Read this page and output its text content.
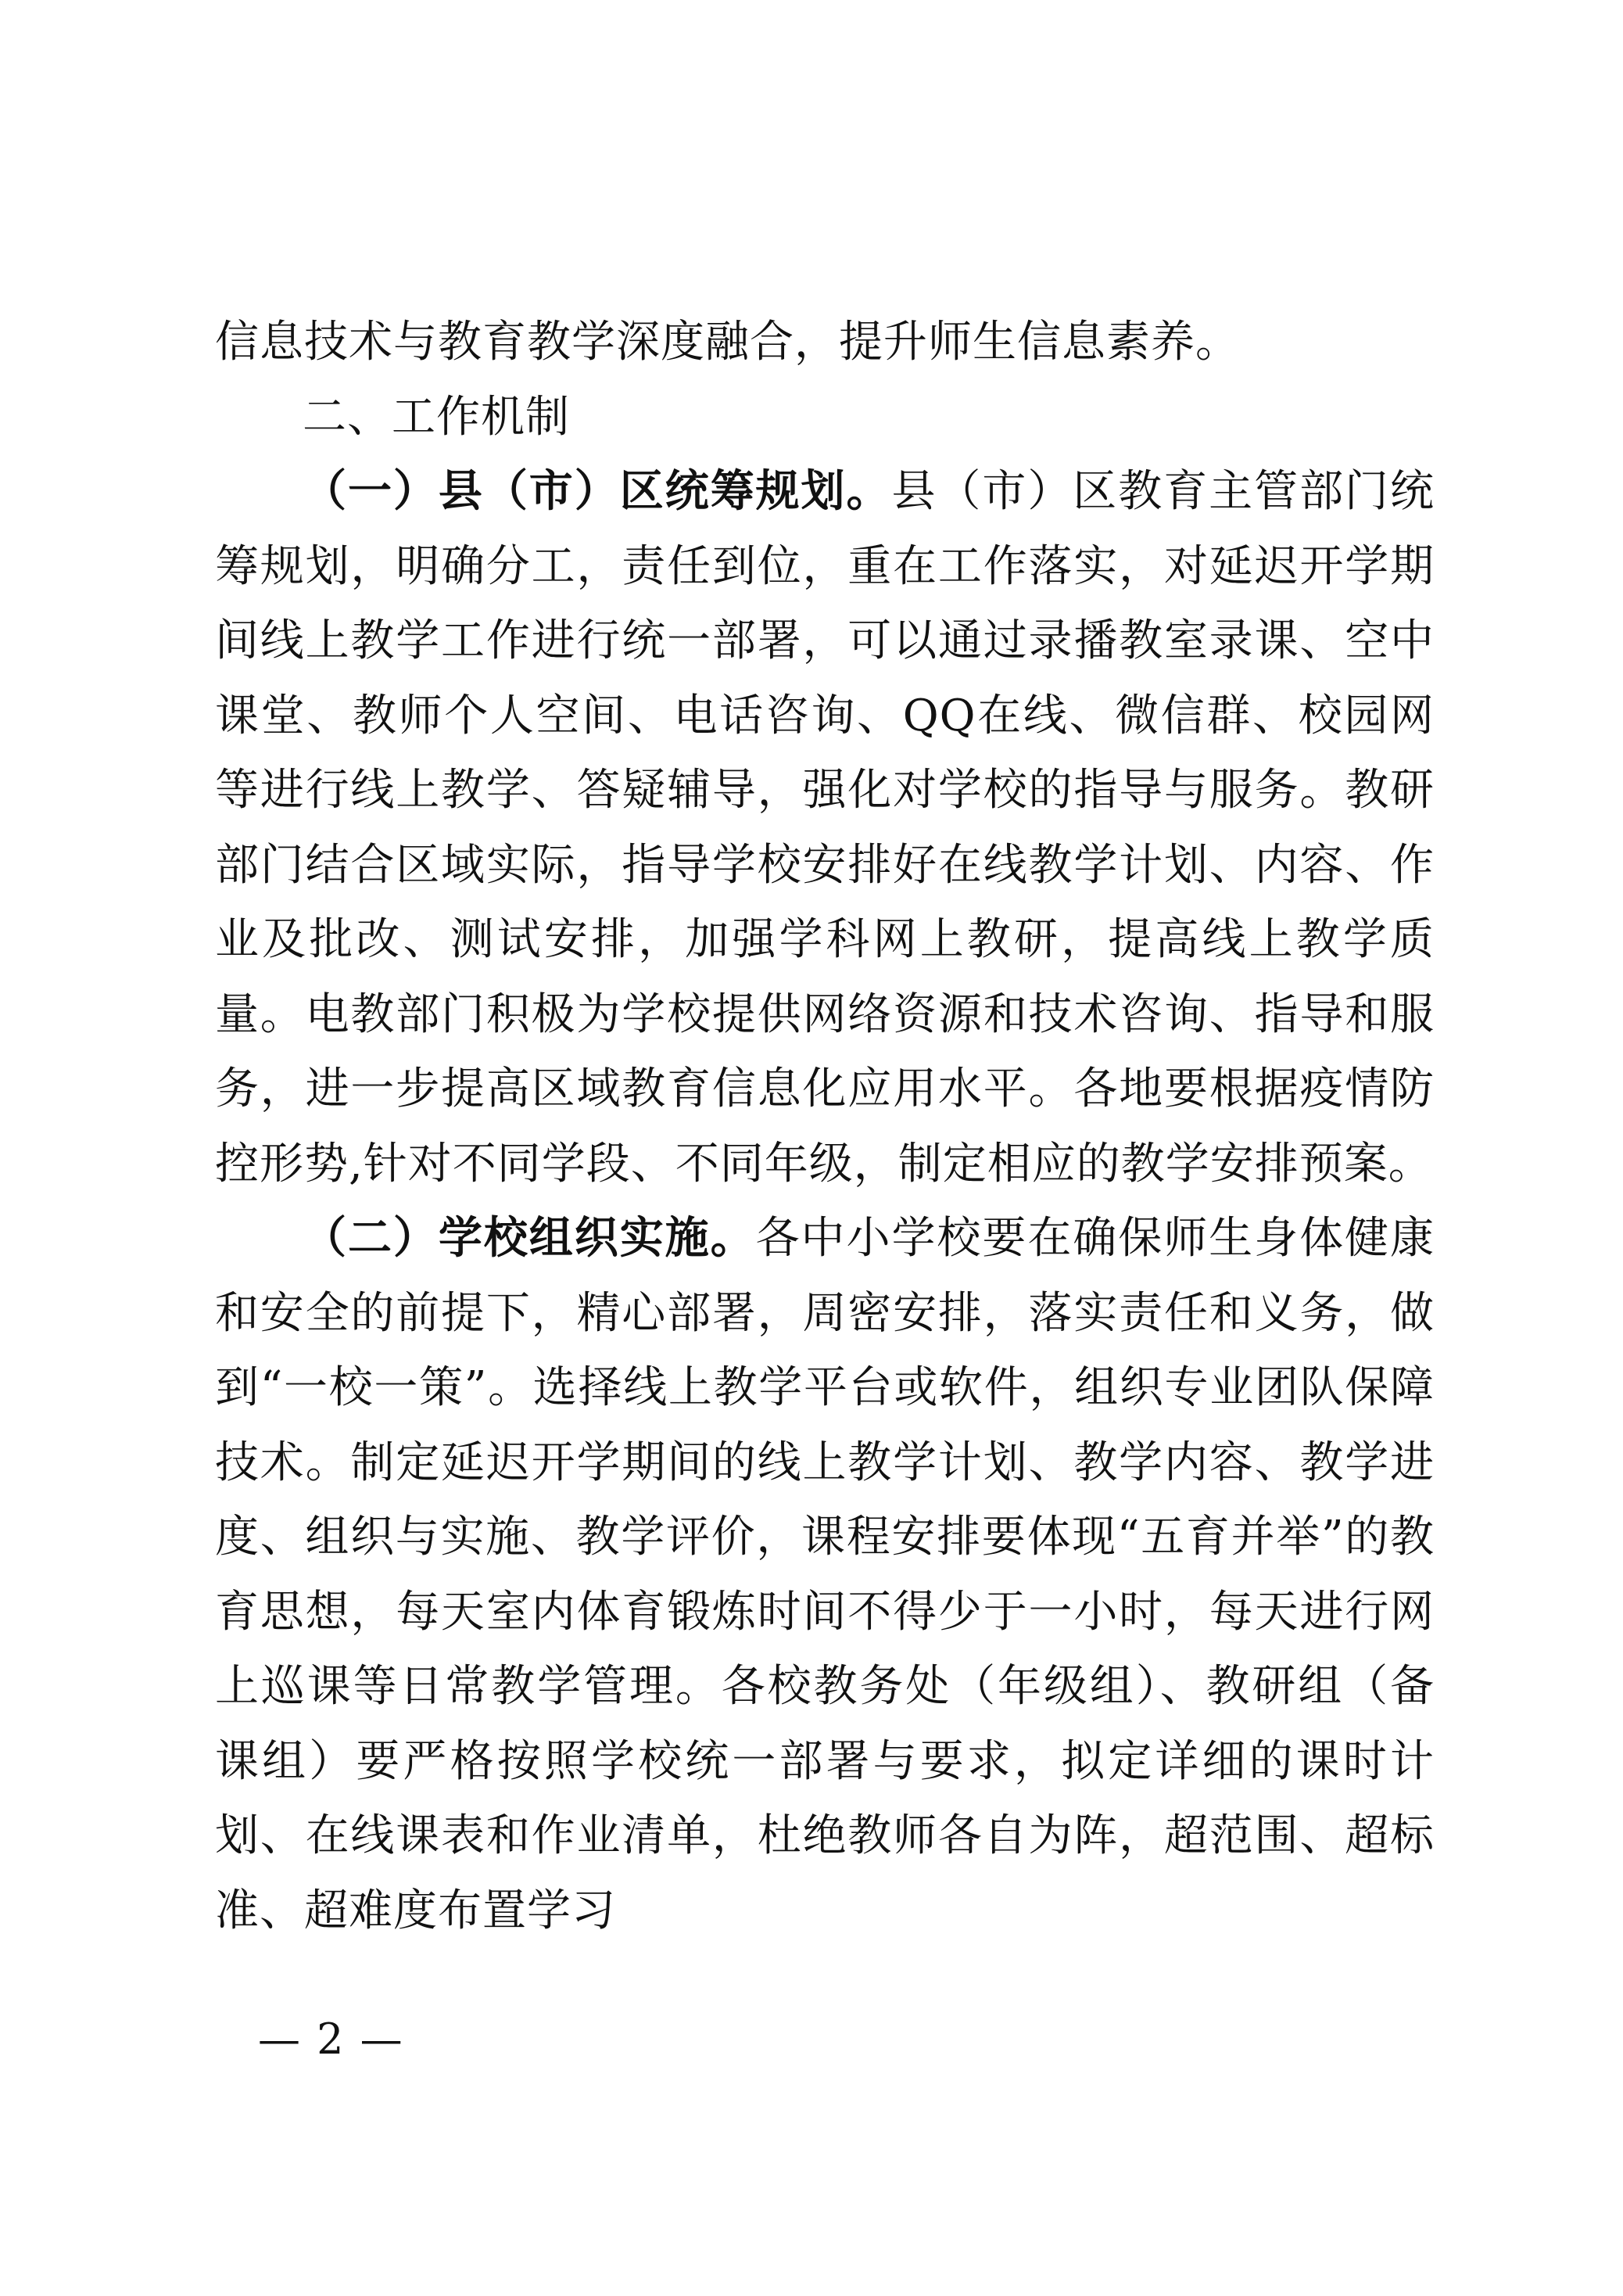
信息技术与教育教学深度融合，提升师生信息素养。

二、工作机制

（一）县（市）区统筹规划。县（市）区教育主管部门统筹规划，明确分工，责任到位，重在工作落实，对延迟开学期间线上教学工作进行统一部署，可以通过录播教室录课、空中课堂、教师个人空间、电话咨询、QQ在线、微信群、校园网等进行线上教学、答疑辅导，强化对学校的指导与服务。教研部门结合区域实际，指导学校安排好在线教学计划、内容、作业及批改、测试安排，加强学科网上教研，提高线上教学质量。电教部门积极为学校提供网络资源和技术咨询、指导和服务，进一步提高区域教育信息化应用水平。各地要根据疫情防控形势,针对不同学段、不同年级，制定相应的教学安排预案。

（二）学校组织实施。各中小学校要在确保师生身体健康和安全的前提下，精心部署，周密安排，落实责任和义务，做到“一校一策”。选择线上教学平台或软件，组织专业团队保障技术。制定延迟开学期间的线上教学计划、教学内容、教学进度、组织与实施、教学评价，课程安排要体现“五育并举”的教育思想，每天室内体育锻炼时间不得少于一小时，每天进行网上巡课等日常教学管理。各校教务处（年级组）、教研组（备课组）要严格按照学校统一部署与要求，拟定详细的课时计划、在线课表和作业清单，杜绝教师各自为阵，超范围、超标准、超难度布置学习

— 2 —
